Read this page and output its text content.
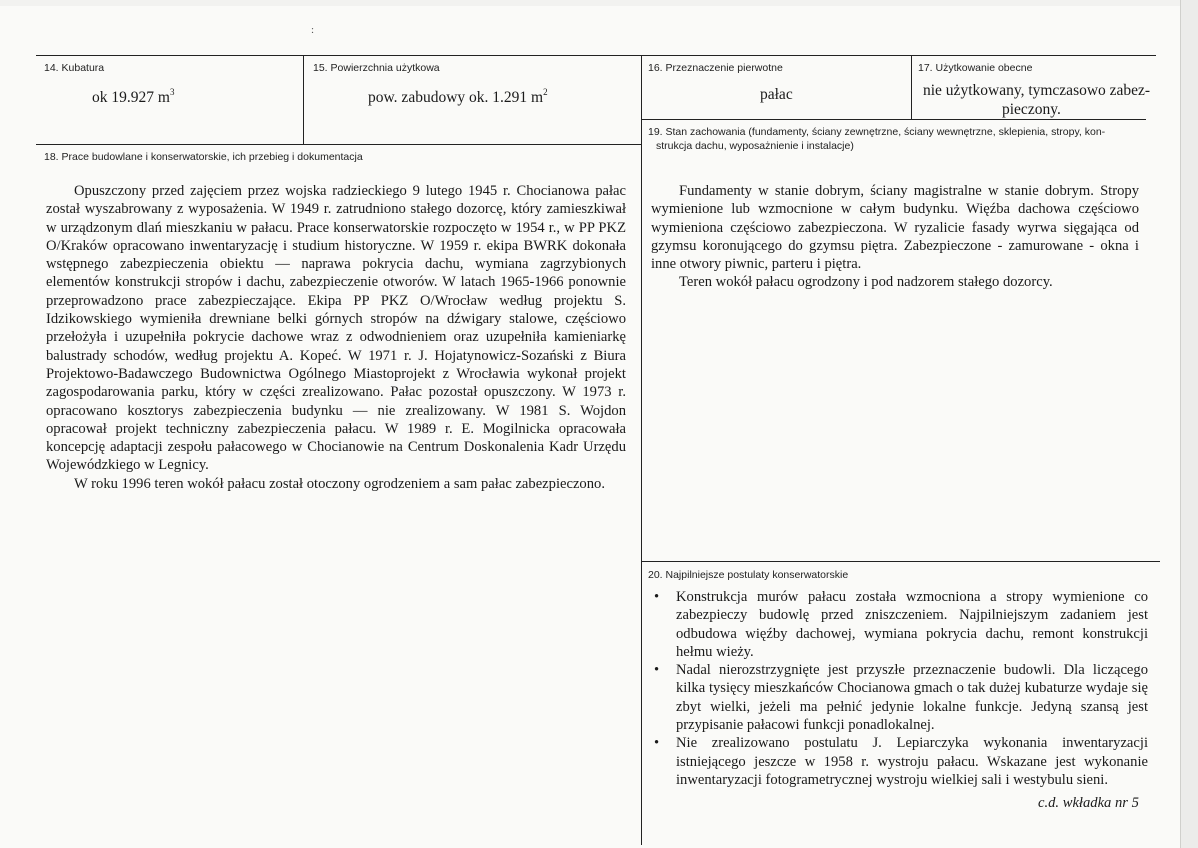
:
14. Kubatura
ok 19.927 $m^3$
15. Powierzchnia użytkowa
pow. zabudowy ok. 1.291 $m^2$
16. Przeznaczenie pierwotne
pałac
17. Użytkowanie obecne
nie użytkowany, tymczasowo zabez-
pieczony.
18. Prace budowlane i konserwatorskie, ich przebieg i dokumentacja

Opuszczony przed zajęciem przez wojska radzieckiego 9 lutego 1945 r. Chocianowa pałac został wyszabrowany z wyposażenia. W 1949 r. zatrudniono stałego dozorcę, który zamieszkiwał w urządzonym dlań mieszkaniu w pałacu. Prace konserwatorskie rozpoczęto w 1954 r., w PP PKZ O/Kraków opracowano inwentaryzację i studium historyczne. W 1959 r. ekipa BWRK dokonała wstępnego zabezpieczenia obiektu — naprawa pokrycia dachu, wymiana zagrzybionych elementów konstrukcji stropów i dachu, zabezpieczenie otworów. W latach 1965-1966 ponownie przeprowadzono prace zabezpieczające. Ekipa PP PKZ O/Wrocław według projektu S. Idzikowskiego wymieniła drewniane belki górnych stropów na dźwigary stalowe, częściowo przełożyła i uzupełniła pokrycie dachowe wraz z odwodnieniem oraz uzupełniła kamieniarkę balustrady schodów, według projektu A. Kopeć. W 1971 r. J. Hojatynowicz-Sozański z Biura Projektowo-Badawczego Budownictwa Ogólnego Miastoprojekt z Wrocławia wykonał projekt zagospodarowania parku, który w części zrealizowano. Pałac pozostał opuszczony. W 1973 r. opracowano kosztorys zabezpieczenia budynku — nie zrealizowany. W 1981 S. Wojdon opracował projekt techniczny zabezpieczenia pałacu. W 1989 r. E. Mogilnicka opracowała koncepcję adaptacji zespołu pałacowego w Chocianowie na Centrum Doskonalenia Kadr Urzędu Wojewódzkiego w Legnicy.

W roku 1996 teren wokół pałacu został otoczony ogrodzeniem a sam pałac zabezpieczono.

19. Stan zachowania (fundamenty, ściany zewnętrzne, ściany wewnętrzne, sklepienia, stropy, kon-
strukcja dachu, wyposażnienie i instalacje)

Fundamenty w stanie dobrym, ściany magistralne w stanie dobrym. Stropy wymienione lub wzmocnione w całym budynku. Więźba dachowa częściowo wymieniona częściowo zabezpieczona. W ryzalicie fasady wyrwa sięgająca od gzymsu koronującego do gzymsu piętra. Zabezpieczone - zamurowane - okna i inne otwory piwnic, parteru i piętra.

Teren wokół pałacu ogrodzony i pod nadzorem stałego dozorcy.

20. Najpilniejsze postulaty konserwatorskie
• Konstrukcja murów pałacu została wzmocniona a stropy wymienione co zabezpieczy budowlę przed zniszczeniem. Najpilniejszym zadaniem jest odbudowa więźby dachowej, wymiana pokrycia dachu, remont konstrukcji hełmu wieży.
• Nadal nierozstrzygnięte jest przyszłe przeznaczenie budowli. Dla liczącego kilka tysięcy mieszkańców Chocianowa gmach o tak dużej kubaturze wydaje się zbyt wielki, jeżeli ma pełnić jedynie lokalne funkcje. Jedyną szansą jest przypisanie pałacowi funkcji ponadlokalnej.
• Nie zrealizowano postulatu J. Lepiarczyka wykonania inwentaryzacji istniejącego jeszcze w 1958 r. wystroju pałacu. Wskazane jest wykonanie inwentaryzacji fotogrametrycznej wystroju wielkiej sali i westybulu sieni.
c.d. wkładka nr 5
